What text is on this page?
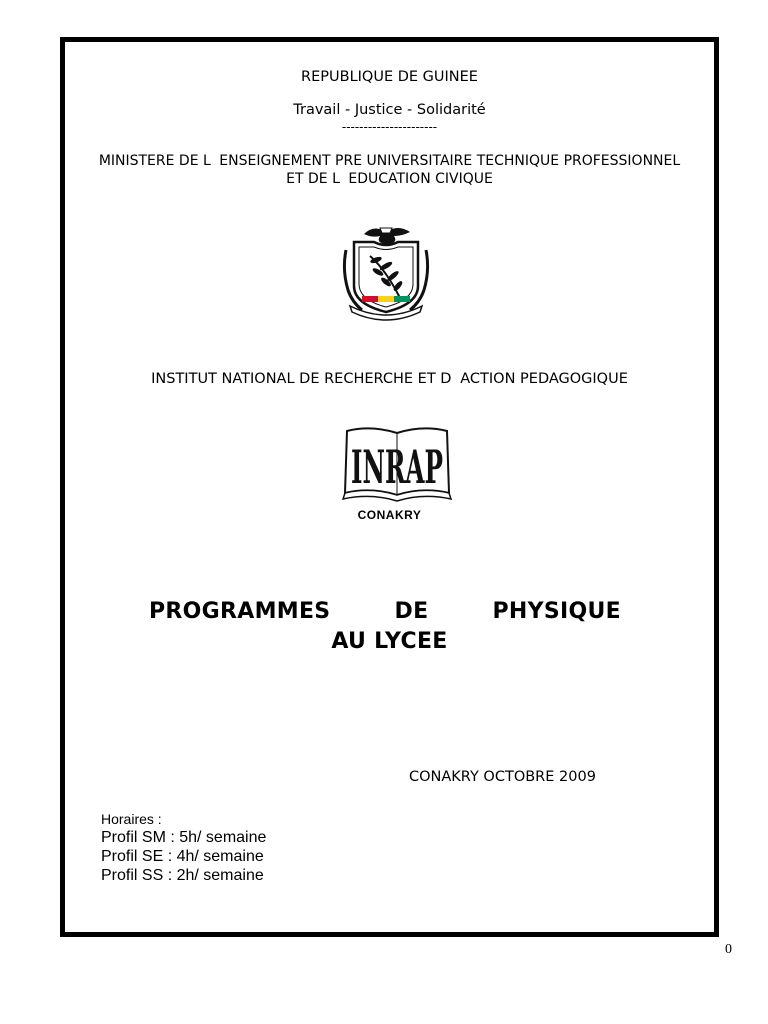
REPUBLIQUE DE GUINEE
Travail - Justice - Solidarité
----------------------
MINISTERE DE LENSEIGNEMENT PRE UNIVERSITAIRE TECHNIQUE PROFESSIONNEL
ET DE LEDUCATION CIVIQUE
INSTITUT NATIONAL DE RECHERCHE ET DACTION PEDAGOGIQUE
INRAP
CONAKRY
PROGRAMMES	DE	PHYSIQUE
AU LYCEE
CONAKRY OCTOBRE 2009
Horaires :
Profil SM : 5h/ semaine
Profil SE : 4h/ semaine
Profil SS : 2h/ semaine
0
